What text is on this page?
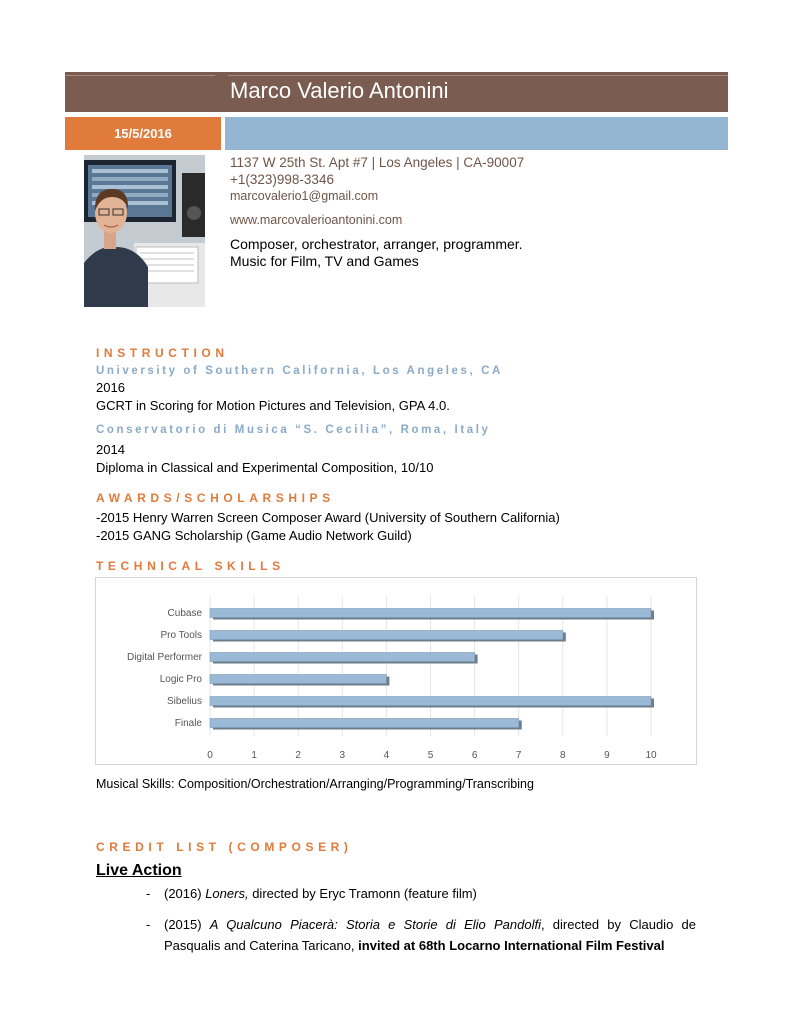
Marco Valerio Antonini
15/5/2016
1137 W 25th St. Apt #7 | Los Angeles | CA-90007
+1(323)998-3346
marcovalerio1@gmail.com
www.marcovalerioantonini.com
Composer, orchestrator, arranger, programmer.
Music for Film, TV and Games
INSTRUCTION
University of Southern California, Los Angeles, CA
2016
GCRT in Scoring for Motion Pictures and Television, GPA 4.0.
Conservatorio di Musica “S. Cecilia”, Roma, Italy
2014
Diploma in Classical and Experimental Composition, 10/10
AWARDS/SCHOLARSHIPS
-2015 Henry Warren Screen Composer Award (University of Southern California)
-2015 GANG Scholarship (Game Audio Network Guild)
TECHNICAL SKILLS
Cubase
Pro Tools
Digital Performer
Logic Pro
Sibelius
Finale
0	1	2	3	4	5	6	7	8	9	10
Musical Skills: Composition/Orchestration/Arranging/Programming/Transcribing
CREDIT LIST (COMPOSER)
Live Action
- (2016) Loners, directed by Eryc Tramonn (feature film)
- (2015) A Qualcuno Piacerà: Storia e Storie di Elio Pandolfi, directed by Claudio de Pasqualis and Caterina Taricano, invited at 68th Locarno International Film Festival
